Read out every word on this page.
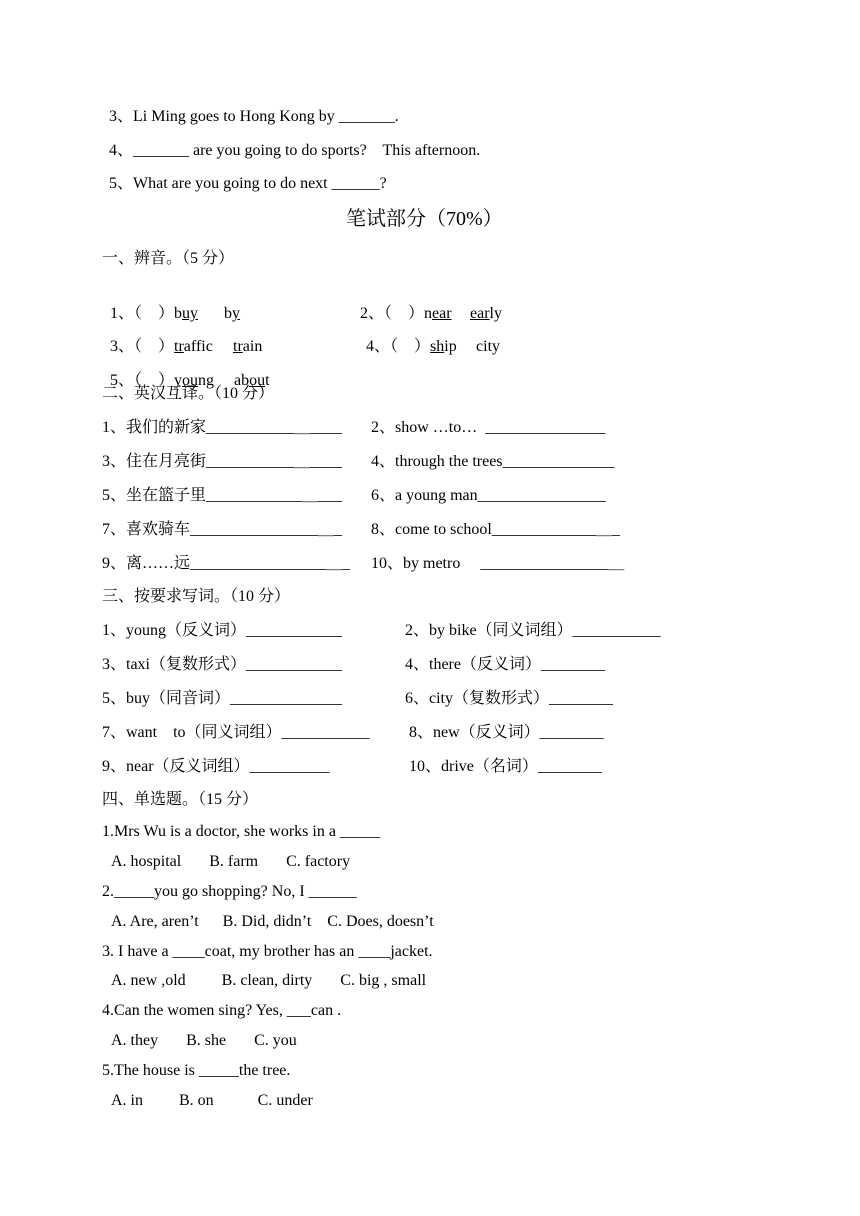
3、Li Ming goes to Hong Kong by _______.
4、_______ are you going to do sports?    This afternoon.
5、What are you going to do next ______?
笔试部分（70%）
一、辨音。（5 分）

1、（    ）buy by	2、（    ）near early

3、（    ）traffic train	4、（    ）ship city

5、（    ）young about

二、英汉互译。（10 分）
1、我们的新家___________＿____ 2、show …to…  _______________
3、住在月亮街___________＿____ 4、through the trees______________
5、坐在篮子里____________＿___ 6、a young man________________
7、喜欢骑车________________＿_ 8、come to school_____________＿_
9、离……远_________________＿_ 10、by metro     ________________＿
三、按要求写词。（10 分）
1、young（反义词）____________	2、by bike（同义词组）___________
3、taxi（复数形式）____________	4、there（反义词）________
5、buy（同音词）______________	6、city（复数形式）________
7、want    to（同义词组）___________ 8、new（反义词）________
9、near（反义词组）__________	10、drive（名词）________
四、单选题。（15 分）
1.Mrs Wu is a doctor, she works in a _____
A. hospital       B. farm       C. factory
2._____you go shopping? No, I ______
A. Are, aren’t      B. Did, didn’t    C. Does, doesn’t
3. I have a ____coat, my brother has an ____jacket.
A. new ,old         B. clean, dirty       C. big , small
4.Can the women sing? Yes, ___can .
A. they       B. she       C. you
5.The house is _____the tree.
A. in         B. on           C. under
